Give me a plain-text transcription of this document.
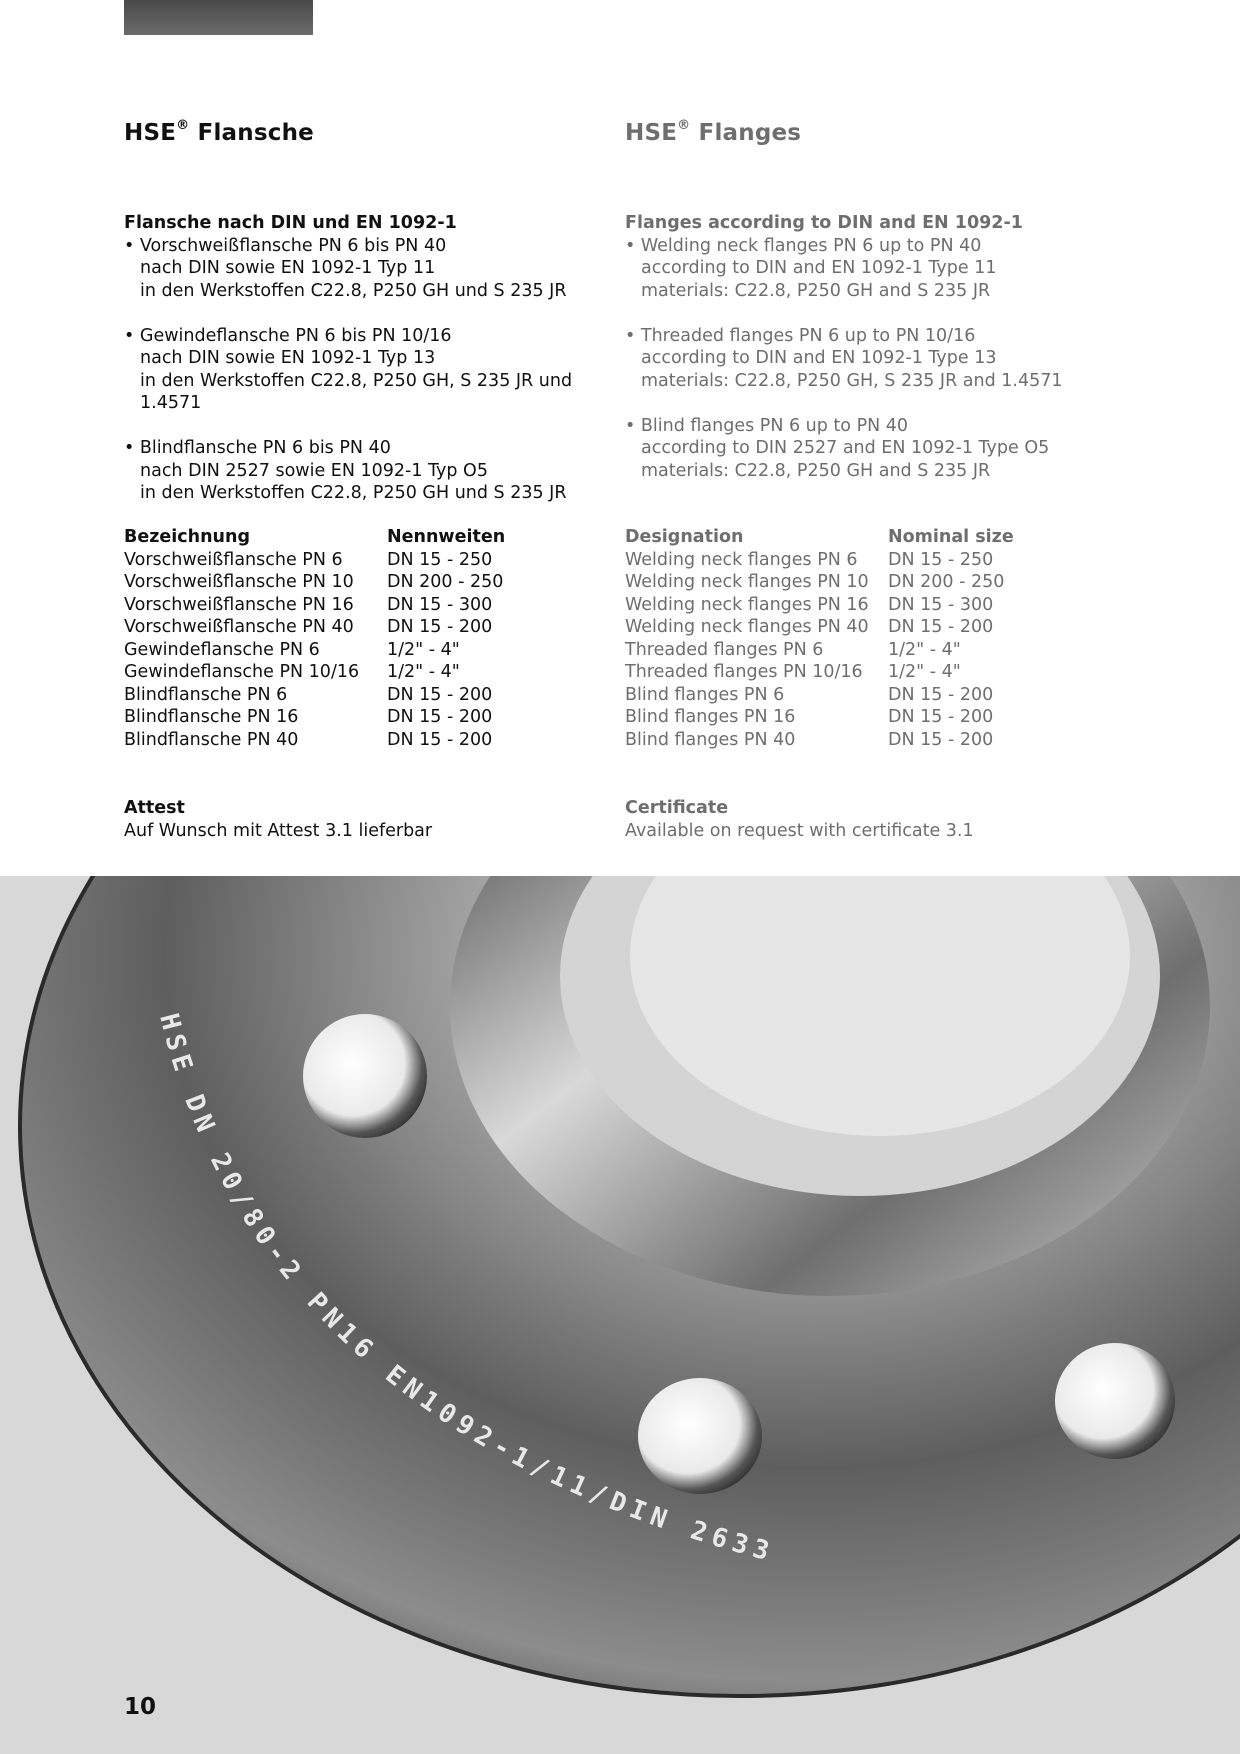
HSE® Flansche	HSE® Flanges
Flansche nach DIN und EN 1092-1
• Vorschweißflansche PN 6 bis PN 40
nach DIN sowie EN 1092-1 Typ 11
in den Werkstoffen C22.8, P250 GH und S 235 JR
• Gewindeflansche PN 6 bis PN 10/16
nach DIN sowie EN 1092-1 Typ 13
in den Werkstoffen C22.8, P250 GH, S 235 JR und 1.4571
• Blindflansche PN 6 bis PN 40
nach DIN 2527 sowie EN 1092-1 Typ O5
in den Werkstoffen C22.8, P250 GH und S 235 JR
Flanges according to DIN and EN 1092-1
• Welding neck flanges PN 6 up to PN 40
according to DIN and EN 1092-1 Type 11
materials: C22.8, P250 GH and S 235 JR
• Threaded flanges PN 6 up to PN 10/16
according to DIN and EN 1092-1 Type 13
materials: C22.8, P250 GH, S 235 JR and 1.4571
• Blind flanges PN 6 up to PN 40
according to DIN 2527 and EN 1092-1 Type O5
materials: C22.8, P250 GH and S 235 JR
Bezeichnung	Nennweiten
Vorschweißflansche PN 6	DN 15 - 250
Vorschweißflansche PN 10	DN 200 - 250
Vorschweißflansche PN 16	DN 15 - 300
Vorschweißflansche PN 40	DN 15 - 200
Gewindeflansche PN 6	1/2" - 4"
Gewindeflansche PN 10/16	1/2" - 4"
Blindflansche PN 6	DN 15 - 200
Blindflansche PN 16	DN 15 - 200
Blindflansche PN 40	DN 15 - 200
Designation	Nominal size
Welding neck flanges PN 6	DN 15 - 250
Welding neck flanges PN 10	DN 200 - 250
Welding neck flanges PN 16	DN 15 - 300
Welding neck flanges PN 40	DN 15 - 200
Threaded flanges PN 6	1/2" - 4"
Threaded flanges PN 10/16	1/2" - 4"
Blind flanges PN 6	DN 15 - 200
Blind flanges PN 16	DN 15 - 200
Blind flanges PN 40	DN 15 - 200
Attest
Auf Wunsch mit Attest 3.1 lieferbar
Certificate
Available on request with certificate 3.1
HSE DN 20/80-2 PN16 EN1092-1/11/DIN 2633
10
